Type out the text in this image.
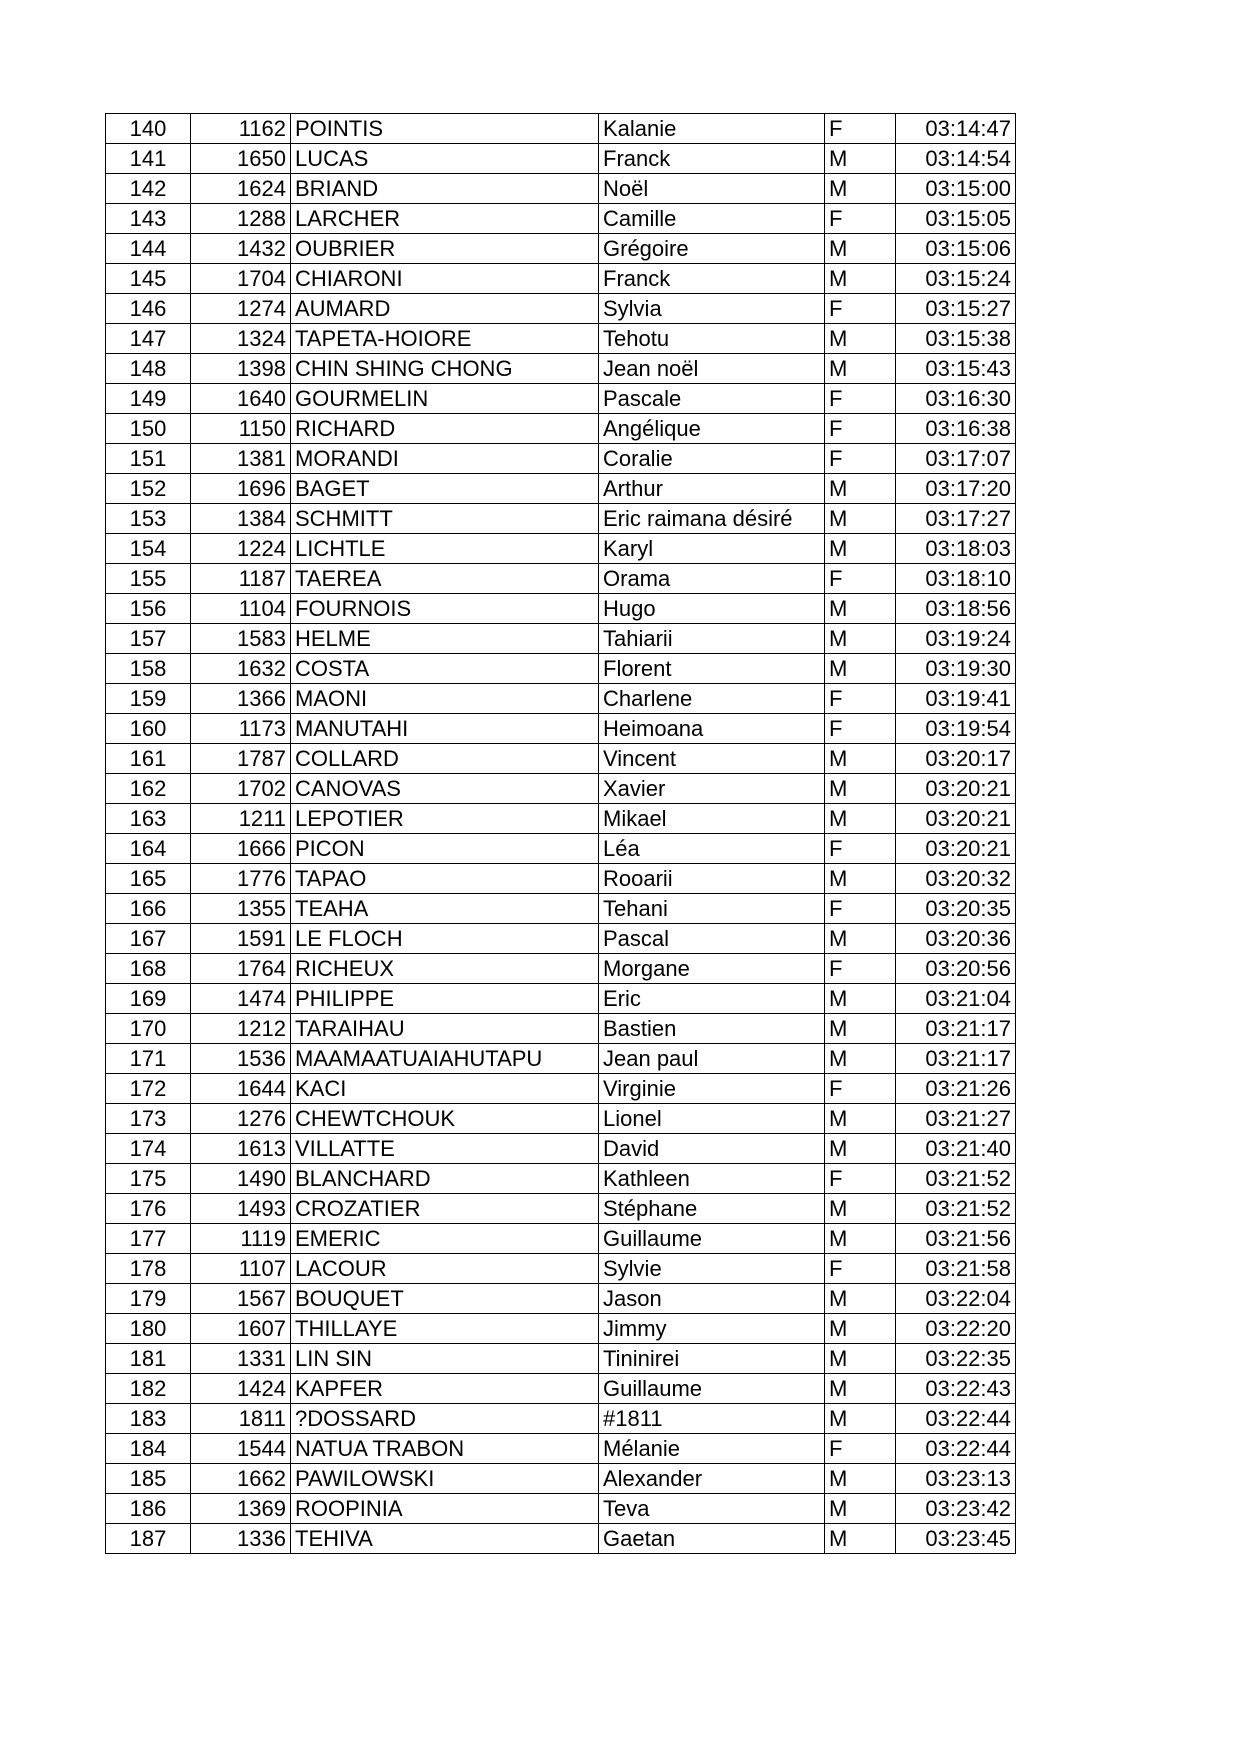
140	1162	POINTIS	Kalanie	F	03:14:47
141	1650	LUCAS	Franck	M	03:14:54
142	1624	BRIAND	Noël	M	03:15:00
143	1288	LARCHER	Camille	F	03:15:05
144	1432	OUBRIER	Grégoire	M	03:15:06
145	1704	CHIARONI	Franck	M	03:15:24
146	1274	AUMARD	Sylvia	F	03:15:27
147	1324	TAPETA-HOIORE	Tehotu	M	03:15:38
148	1398	CHIN SHING CHONG	Jean noël	M	03:15:43
149	1640	GOURMELIN	Pascale	F	03:16:30
150	1150	RICHARD	Angélique	F	03:16:38
151	1381	MORANDI	Coralie	F	03:17:07
152	1696	BAGET	Arthur	M	03:17:20
153	1384	SCHMITT	Eric raimana désiré	M	03:17:27
154	1224	LICHTLE	Karyl	M	03:18:03
155	1187	TAEREA	Orama	F	03:18:10
156	1104	FOURNOIS	Hugo	M	03:18:56
157	1583	HELME	Tahiarii	M	03:19:24
158	1632	COSTA	Florent	M	03:19:30
159	1366	MAONI	Charlene	F	03:19:41
160	1173	MANUTAHI	Heimoana	F	03:19:54
161	1787	COLLARD	Vincent	M	03:20:17
162	1702	CANOVAS	Xavier	M	03:20:21
163	1211	LEPOTIER	Mikael	M	03:20:21
164	1666	PICON	Léa	F	03:20:21
165	1776	TAPAO	Rooarii	M	03:20:32
166	1355	TEAHA	Tehani	F	03:20:35
167	1591	LE FLOCH	Pascal	M	03:20:36
168	1764	RICHEUX	Morgane	F	03:20:56
169	1474	PHILIPPE	Eric	M	03:21:04
170	1212	TARAIHAU	Bastien	M	03:21:17
171	1536	MAAMAATUAIAHUTAPU	Jean paul	M	03:21:17
172	1644	KACI	Virginie	F	03:21:26
173	1276	CHEWTCHOUK	Lionel	M	03:21:27
174	1613	VILLATTE	David	M	03:21:40
175	1490	BLANCHARD	Kathleen	F	03:21:52
176	1493	CROZATIER	Stéphane	M	03:21:52
177	1119	EMERIC	Guillaume	M	03:21:56
178	1107	LACOUR	Sylvie	F	03:21:58
179	1567	BOUQUET	Jason	M	03:22:04
180	1607	THILLAYE	Jimmy	M	03:22:20
181	1331	LIN SIN	Tininirei	M	03:22:35
182	1424	KAPFER	Guillaume	M	03:22:43
183	1811	?DOSSARD	#1811	M	03:22:44
184	1544	NATUA TRABON	Mélanie	F	03:22:44
185	1662	PAWILOWSKI	Alexander	M	03:23:13
186	1369	ROOPINIA	Teva	M	03:23:42
187	1336	TEHIVA	Gaetan	M	03:23:45
